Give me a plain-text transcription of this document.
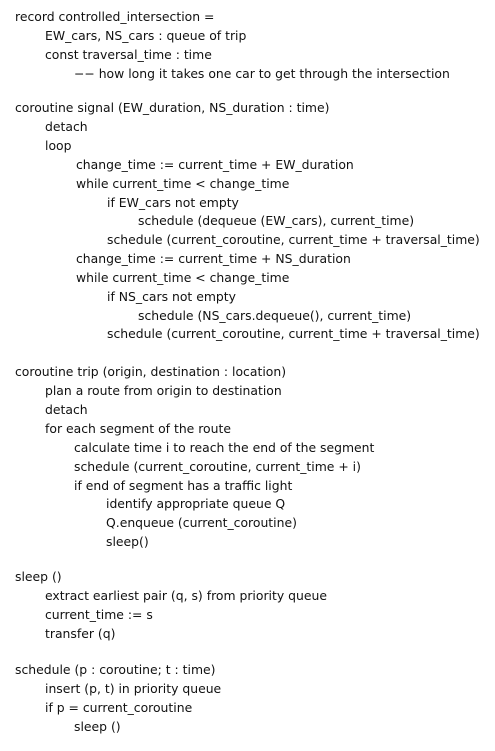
record controlled_intersection =
EW_cars, NS_cars : queue of trip
const traversal_time : time
−− how long it takes one car to get through the intersection
coroutine signal (EW_duration, NS_duration : time)
detach
loop
change_time := current_time + EW_duration
while current_time < change_time
if EW_cars not empty
schedule (dequeue (EW_cars), current_time)
schedule (current_coroutine, current_time + traversal_time)
change_time := current_time + NS_duration
while current_time < change_time
if NS_cars not empty
schedule (NS_cars.dequeue(), current_time)
schedule (current_coroutine, current_time + traversal_time)
coroutine trip (origin, destination : location)
plan a route from origin to destination
detach
for each segment of the route
calculate time i to reach the end of the segment
schedule (current_coroutine, current_time + i)
if end of segment has a traffic light
identify appropriate queue Q
Q.enqueue (current_coroutine)
sleep()
sleep ()
extract earliest pair (q, s) from priority queue
current_time := s
transfer (q)
schedule (p : coroutine; t : time)
insert (p, t) in priority queue
if p = current_coroutine
sleep ()
